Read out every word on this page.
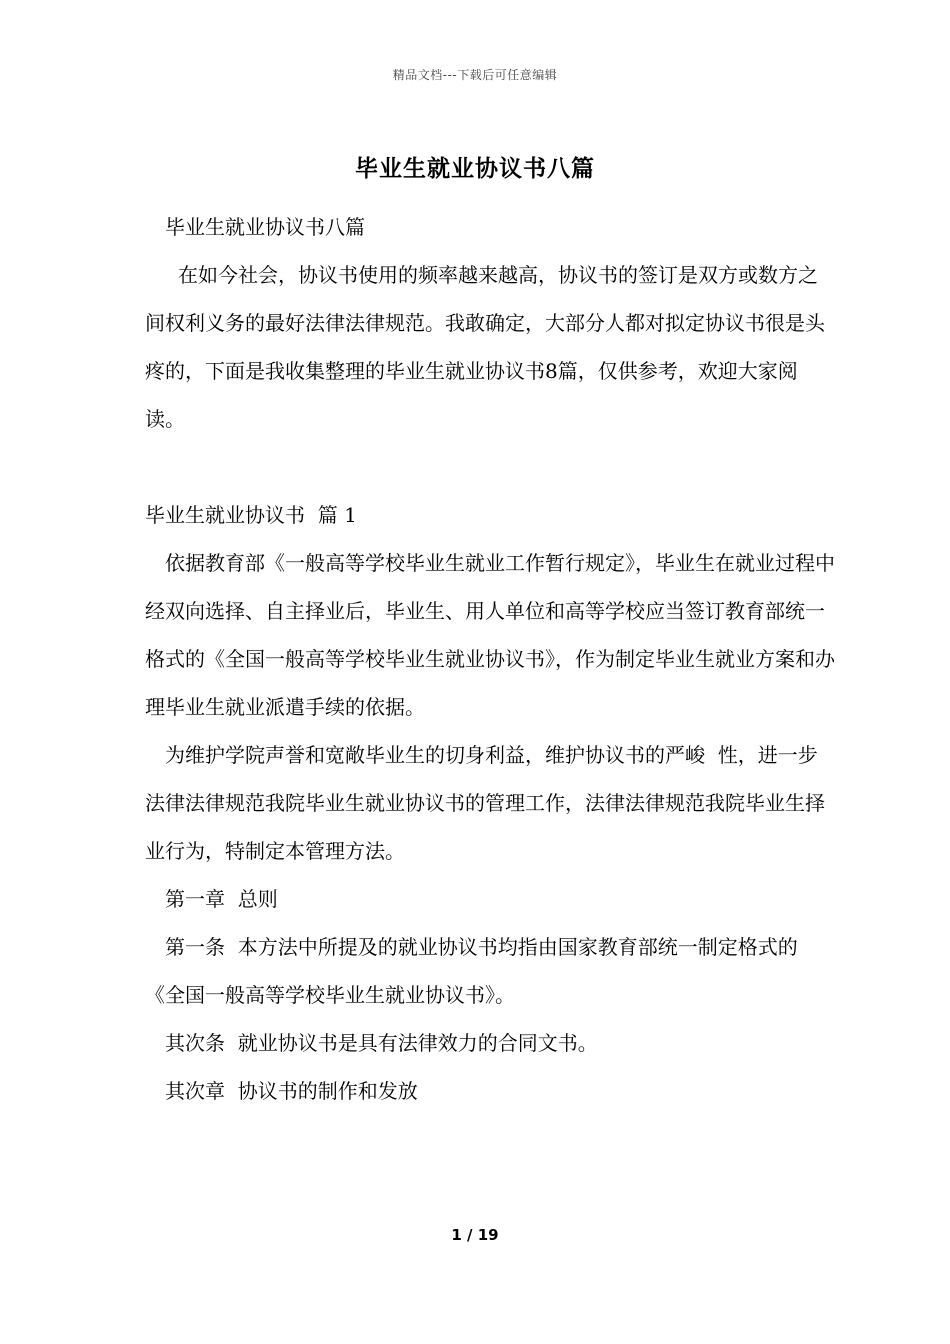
精品文档---下载后可任意编辑
毕业生就业协议书八篇

毕业生就业协议书八篇

在如今社会，协议书使用的频率越来越高，协议书的签订是双方或数方之间权利义务的最好法律法律规范。我敢确定，大部分人都对拟定协议书很是头疼的，下面是我收集整理的毕业生就业协议书8篇，仅供参考，欢迎大家阅读。

毕业生就业协议书  篇 1

依据教育部《一般高等学校毕业生就业工作暂行规定》，毕业生在就业过程中经双向选择、自主择业后，毕业生、用人单位和高等学校应当签订教育部统一格式的《全国一般高等学校毕业生就业协议书》，作为制定毕业生就业方案和办理毕业生就业派遣手续的依据。

为维护学院声誉和宽敞毕业生的切身利益，维护协议书的严峻  性，进一步法律法律规范我院毕业生就业协议书的管理工作，法律法律规范我院毕业生择业行为，特制定本管理方法。

第一章  总则

第一条  本方法中所提及的就业协议书均指由国家教育部统一制定格式的《全国一般高等学校毕业生就业协议书》。

其次条  就业协议书是具有法律效力的合同文书。

其次章  协议书的制作和发放

1 / 19
